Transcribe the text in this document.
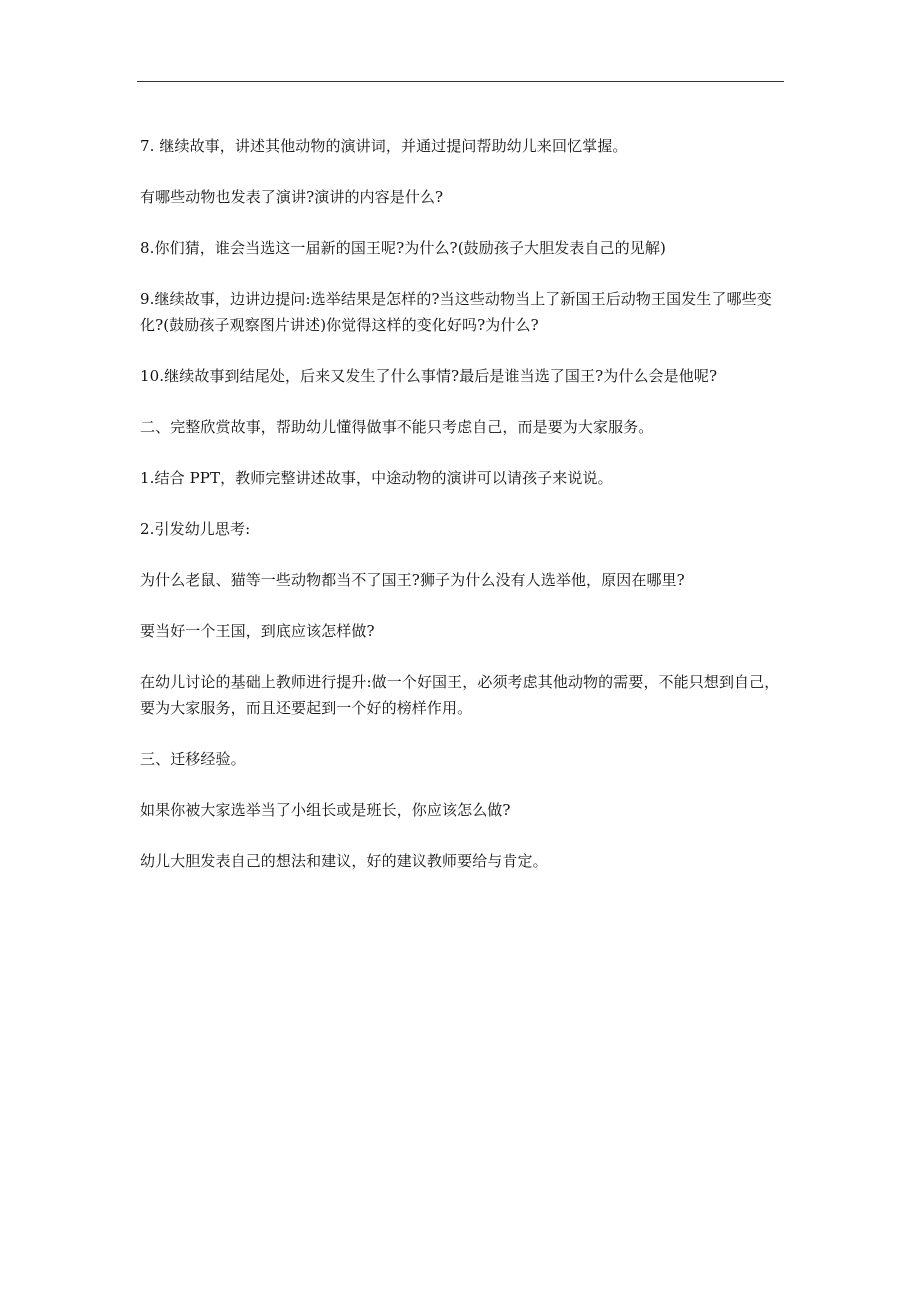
7. 继续故事，讲述其他动物的演讲词，并通过提问帮助幼儿来回忆掌握。

有哪些动物也发表了演讲?演讲的内容是什么?

8.你们猜，谁会当选这一届新的国王呢?为什么?(鼓励孩子大胆发表自己的见解)

9.继续故事，边讲边提问:选举结果是怎样的?当这些动物当上了新国王后动物王国发生了哪些变化?(鼓励孩子观察图片讲述)你觉得这样的变化好吗?为什么?

10.继续故事到结尾处，后来又发生了什么事情?最后是谁当选了国王?为什么会是他呢?

二、完整欣赏故事，帮助幼儿懂得做事不能只考虑自己，而是要为大家服务。

1.结合 PPT，教师完整讲述故事，中途动物的演讲可以请孩子来说说。

2.引发幼儿思考:

为什么老鼠、猫等一些动物都当不了国王?狮子为什么没有人选举他，原因在哪里?

要当好一个王国，到底应该怎样做?

在幼儿讨论的基础上教师进行提升:做一个好国王，必须考虑其他动物的需要，不能只想到自己，要为大家服务，而且还要起到一个好的榜样作用。

三、迁移经验。

如果你被大家选举当了小组长或是班长，你应该怎么做?

幼儿大胆发表自己的想法和建议，好的建议教师要给与肯定。
